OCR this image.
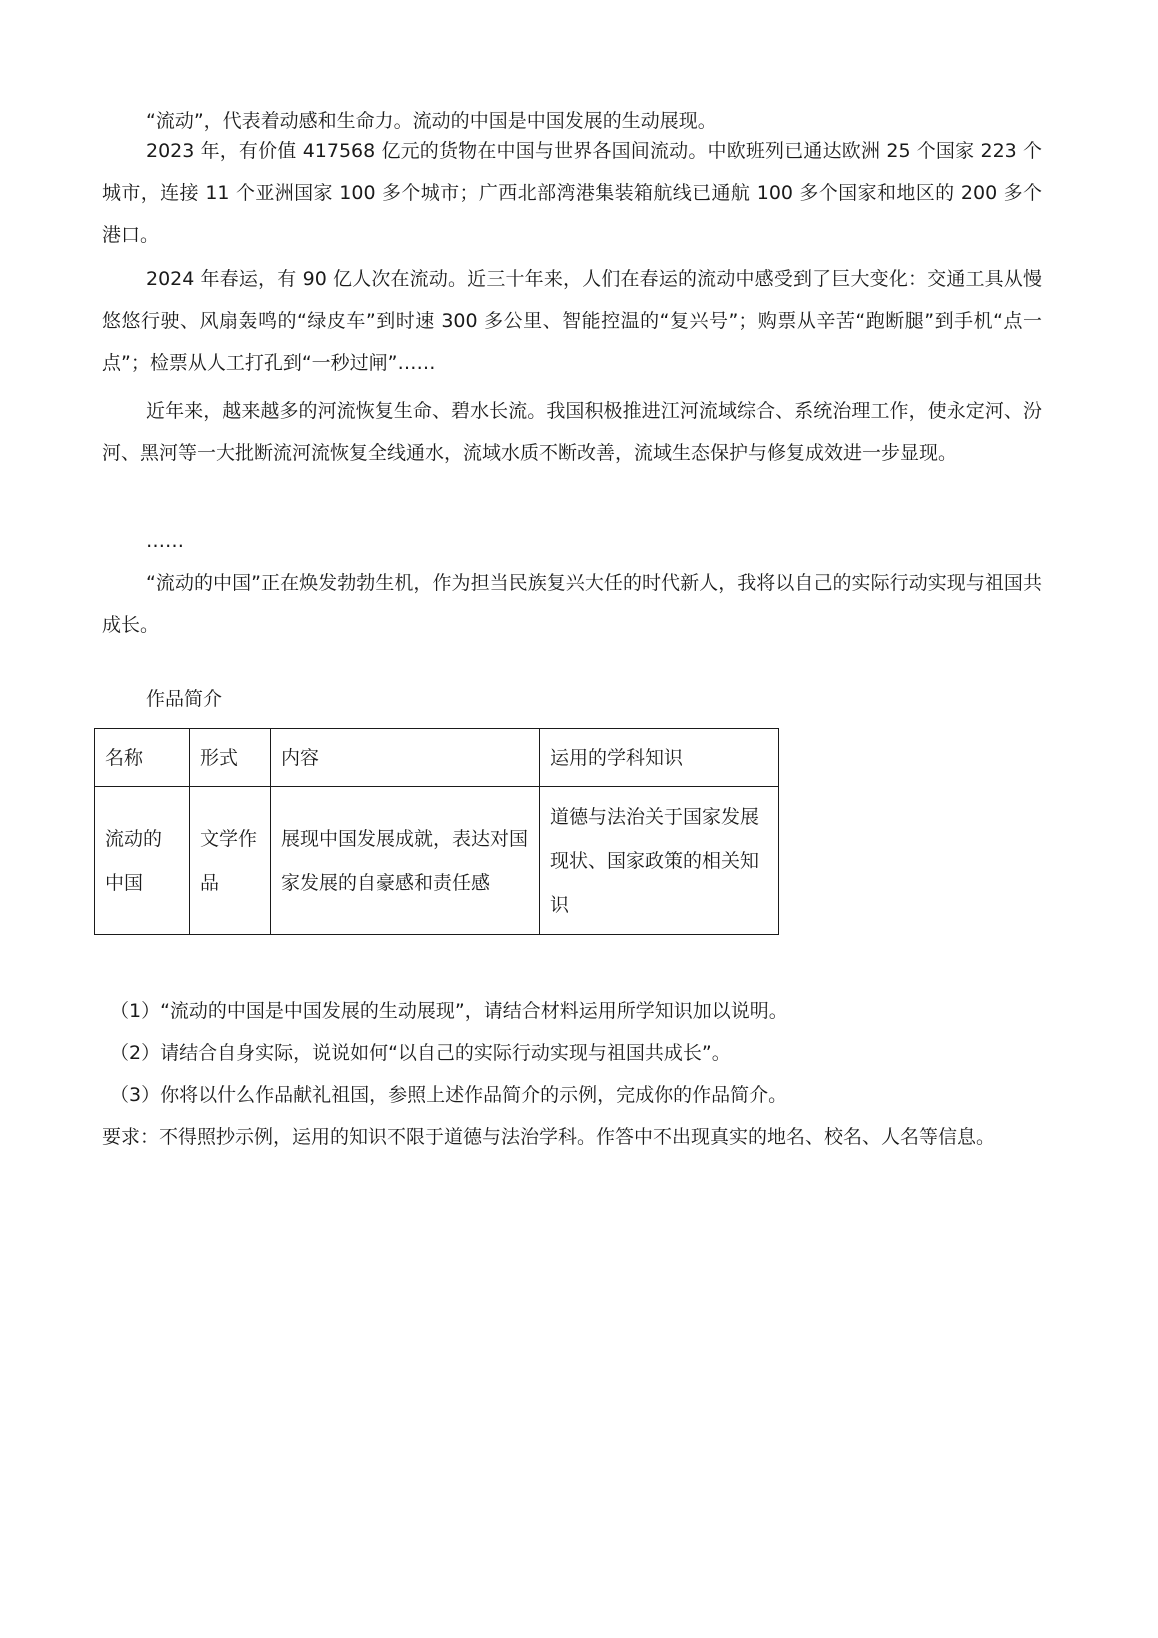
“流动”，代表着动感和生命力。流动的中国是中国发展的生动展现。

2023 年，有价值 417568 亿元的货物在中国与世界各国间流动。中欧班列已通达欧洲 25 个国家 223 个城市，连接 11 个亚洲国家 100 多个城市；广西北部湾港集装箱航线已通航 100 多个国家和地区的 200 多个港口。

2024 年春运，有 90 亿人次在流动。近三十年来，人们在春运的流动中感受到了巨大变化：交通工具从慢悠悠行驶、风扇轰鸣的“绿皮车”到时速 300 多公里、智能控温的“复兴号”；购票从辛苦“跑断腿”到手机“点一点”；检票从人工打孔到“一秒过闸”……

近年来，越来越多的河流恢复生命、碧水长流。我国积极推进江河流域综合、系统治理工作，使永定河、汾河、黑河等一大批断流河流恢复全线通水，流域水质不断改善，流域生态保护与修复成效进一步显现。

……

“流动的中国”正在焕发勃勃生机，作为担当民族复兴大任的时代新人，我将以自己的实际行动实现与祖国共成长。

作品简介

名称	形式	内容	运用的学科知识
流动的中国	文学作品	展现中国发展成就，表达对国家发展的自豪感和责任感	道德与法治关于国家发展现状、国家政策的相关知识

（1）“流动的中国是中国发展的生动展现”，请结合材料运用所学知识加以说明。

（2）请结合自身实际，说说如何“以自己的实际行动实现与祖国共成长”。

（3）你将以什么作品献礼祖国，参照上述作品简介的示例，完成你的作品简介。

要求：不得照抄示例，运用的知识不限于道德与法治学科。作答中不出现真实的地名、校名、人名等信息。
